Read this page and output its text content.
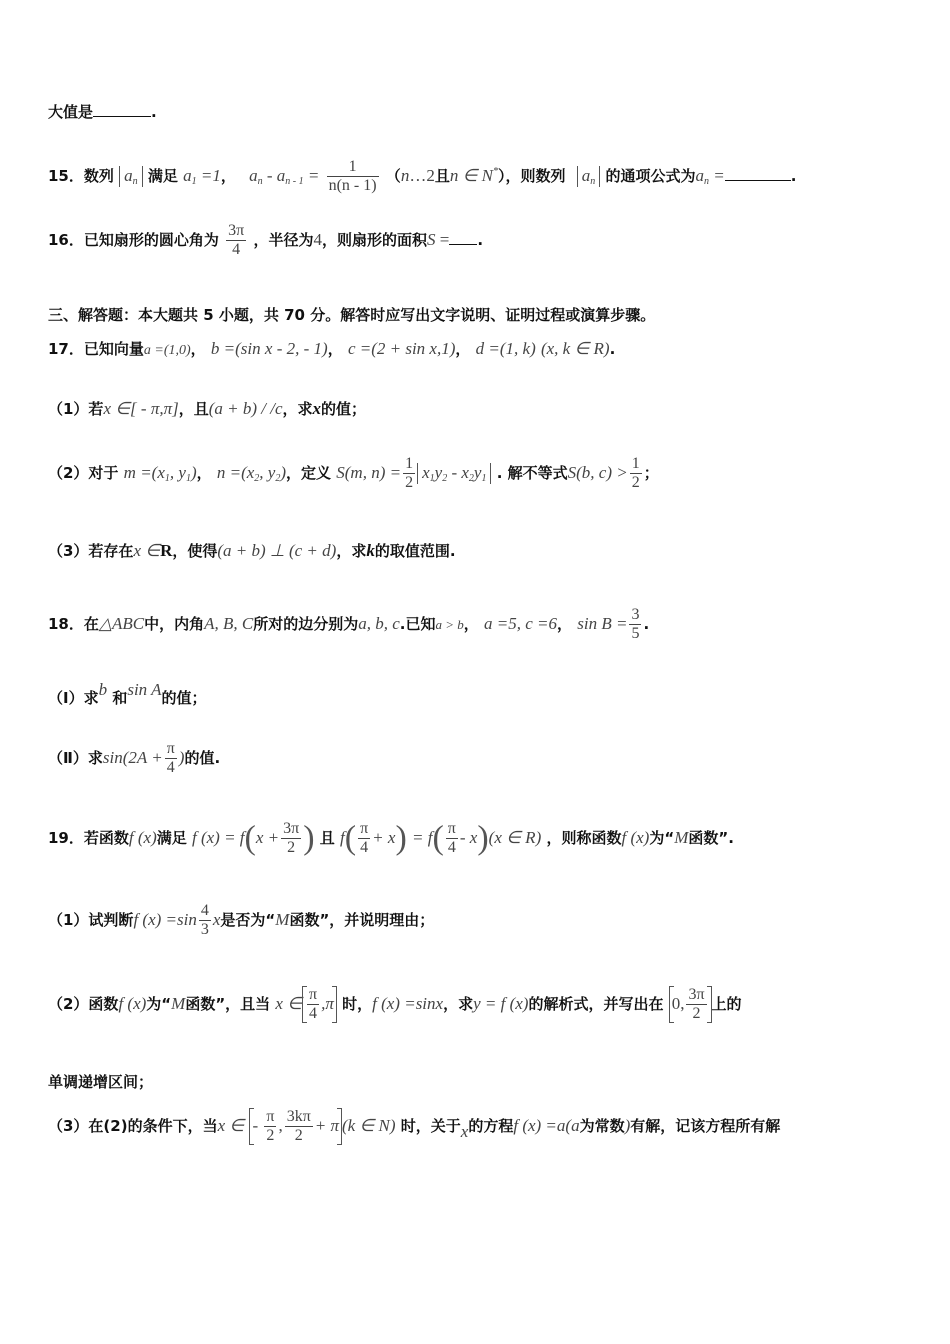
大值是	.
15．数列 $a_n$ 满足 $a_1 =1$， $a_n - a_{n - 1} = \frac{1}{n(n - 1)}$ （n…2且n ∈ N*），则数列 $a_n$ 的通项公式为$a_n$ =	.
16．已知扇形的圆心角为 $\frac{3\pi}{4}$ ，半径为4，则扇形的面积S = .
三、解答题：本大题共 5 小题，共 70 分。解答时应写出文字说明、证明过程或演算步骤。
17．已知向量a =(1,0)， b =(sin x - 2, - 1)， c =(2 + sin x,1)， d =(1, k) (x, k ∈ R).
（1）若x ∈[ - π,π]，且(a + b) / /c，求x的值；
（2）对于 $m =(x_1$, $y_1$)， $n =(x_2$, $y_2$)，定义 S(m, $n) = \frac{1}{2} x_1y_2 - x_2y_1$ . 解不等式S(b, $c) > \frac{1}{2}$ ；
（3）若存在x ∈R，使得(a + b) ⊥ (c + d)，求k的取值范围.
18．在△ABC中，内角A, B, C所对的边分别为a, b, c.已知a > b， a =5, c =6， $\sin B = \frac{3}{5}$ .
（Ⅰ）求b 和sin A的值；
（Ⅱ）求$\sin(2A + \frac{\pi}{4}$ )的值.
19．若函数f (x)满足 f $(x) = f(x + \frac{3\pi}{2}$ ) 且 $f( \frac{\pi}{4} + x) = f( \frac{\pi}{4} - x)(x$ ∈ R) ，则称函数f (x)为“M函数”.
（1）试判断f $(x) =\sin \frac{4}{3}$ x是否为“M函数”，并说明理由；
（2）函数f (x)为“M函数”，且当 x ∈ $\frac{\pi}{4} ,\pi$ 时，f (x) =sinx，求y = f (x)的解析式，并写出在 0, $\frac{3\pi}{2}$ 上的
单调递增区间；
（3）在(2)的条件下，当x ∈ - $\frac{\pi}{2}$ , $\frac{3k\pi}{2} + \pi$ (k ∈ N) 时，关于x的方程f (x) =a(a为常数)有解，记该方程所有解
